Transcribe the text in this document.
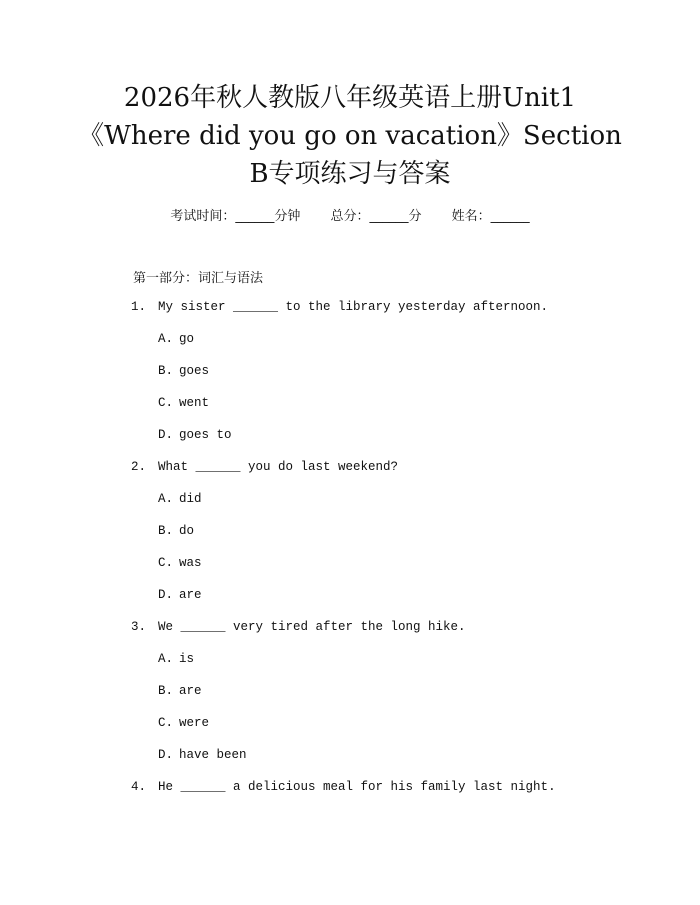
2026年秋人教版八年级英语上册Unit1
《Where did you go on vacation》Section
B专项练习与答案
考试时间：______分钟 总分：______分 姓名：______
第一部分：词汇与语法
1. My sister ______ to the library yesterday afternoon.
A. go
B. goes
C. went
D. goes to
2. What ______ you do last weekend?
A. did
B. do
C. was
D. are
3. We ______ very tired after the long hike.
A. is
B. are
C. were
D. have been
4. He ______ a delicious meal for his family last night.
